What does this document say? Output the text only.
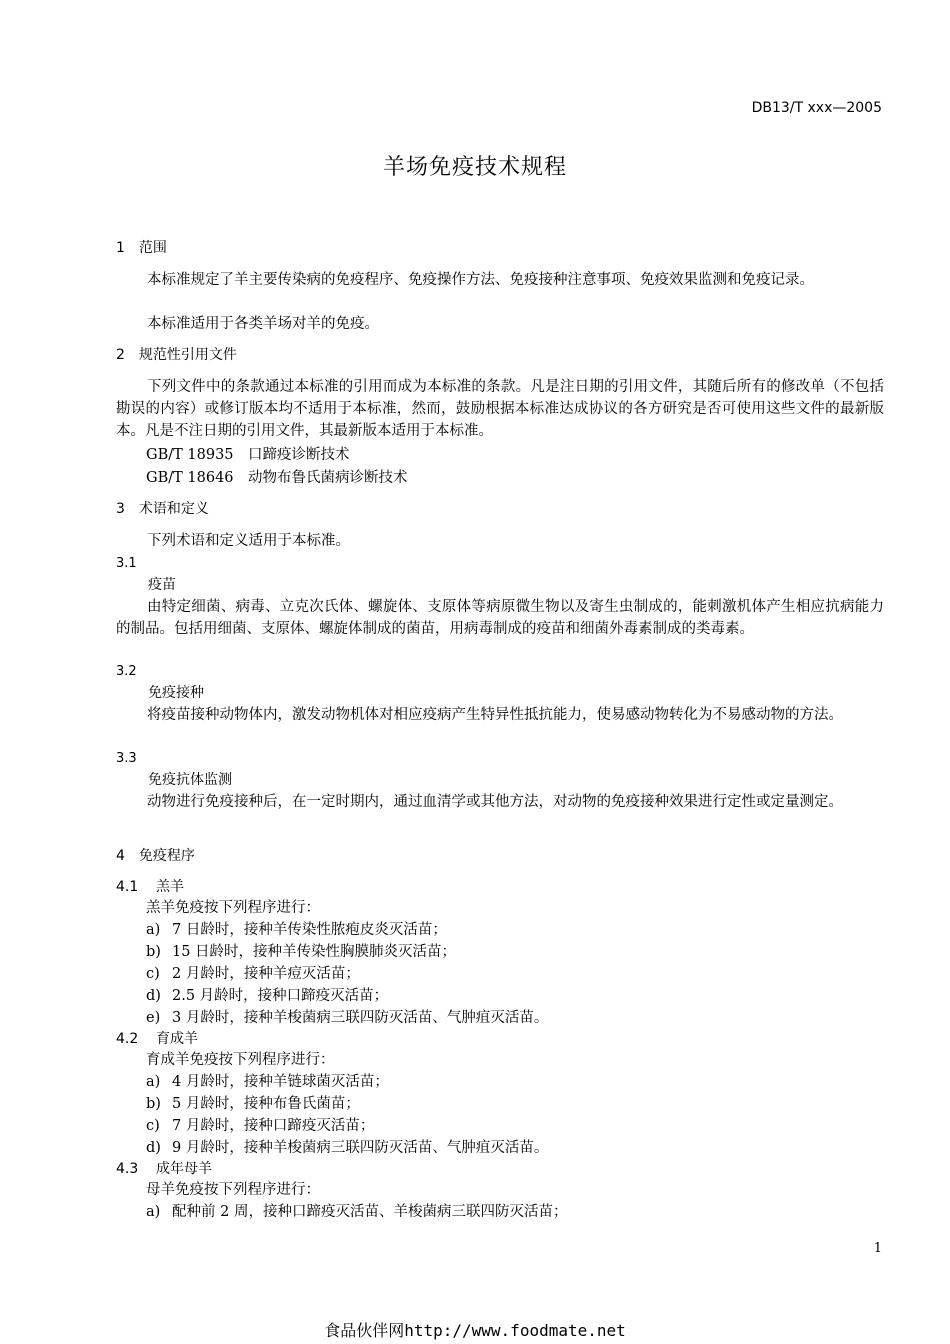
DB13/T xxx—2005
羊场免疫技术规程
1　范围
本标准规定了羊主要传染病的免疫程序、免疫操作方法、免疫接种注意事项、免疫效果监测和免疫记录。
本标准适用于各类羊场对羊的免疫。
2　规范性引用文件
下列文件中的条款通过本标准的引用而成为本标准的条款。凡是注日期的引用文件，其随后所有的修改单（不包括勘误的内容）或修订版本均不适用于本标准，然而，鼓励根据本标准达成协议的各方研究是否可使用这些文件的最新版本。凡是不注日期的引用文件，其最新版本适用于本标准。
GB/T 18935 口蹄疫诊断技术
GB/T 18646 动物布鲁氏菌病诊断技术
3　术语和定义
下列术语和定义适用于本标准。
3.1
疫苗
由特定细菌、病毒、立克次氏体、螺旋体、支原体等病原微生物以及寄生虫制成的，能刺激机体产生相应抗病能力的制品。包括用细菌、支原体、螺旋体制成的菌苗，用病毒制成的疫苗和细菌外毒素制成的类毒素。
3.2
免疫接种
将疫苗接种动物体内，激发动物机体对相应疫病产生特异性抵抗能力，使易感动物转化为不易感动物的方法。
3.3
免疫抗体监测
动物进行免疫接种后，在一定时期内，通过血清学或其他方法，对动物的免疫接种效果进行定性或定量测定。
4　免疫程序
4.1 羔羊
羔羊免疫按下列程序进行：
a) 7 日龄时，接种羊传染性脓疱皮炎灭活苗；
b) 15 日龄时，接种羊传染性胸膜肺炎灭活苗；
c) 2 月龄时，接种羊痘灭活苗；
d) 2.5 月龄时，接种口蹄疫灭活苗；
e) 3 月龄时，接种羊梭菌病三联四防灭活苗、气肿疽灭活苗。
4.2 育成羊
育成羊免疫按下列程序进行：
a) 4 月龄时，接种羊链球菌灭活苗；
b) 5 月龄时，接种布鲁氏菌苗；
c) 7 月龄时，接种口蹄疫灭活苗；
d) 9 月龄时，接种羊梭菌病三联四防灭活苗、气肿疽灭活苗。
4.3 成年母羊
母羊免疫按下列程序进行：
a) 配种前 2 周，接种口蹄疫灭活苗、羊梭菌病三联四防灭活苗；
1
食品伙伴网http://www.foodmate.net
